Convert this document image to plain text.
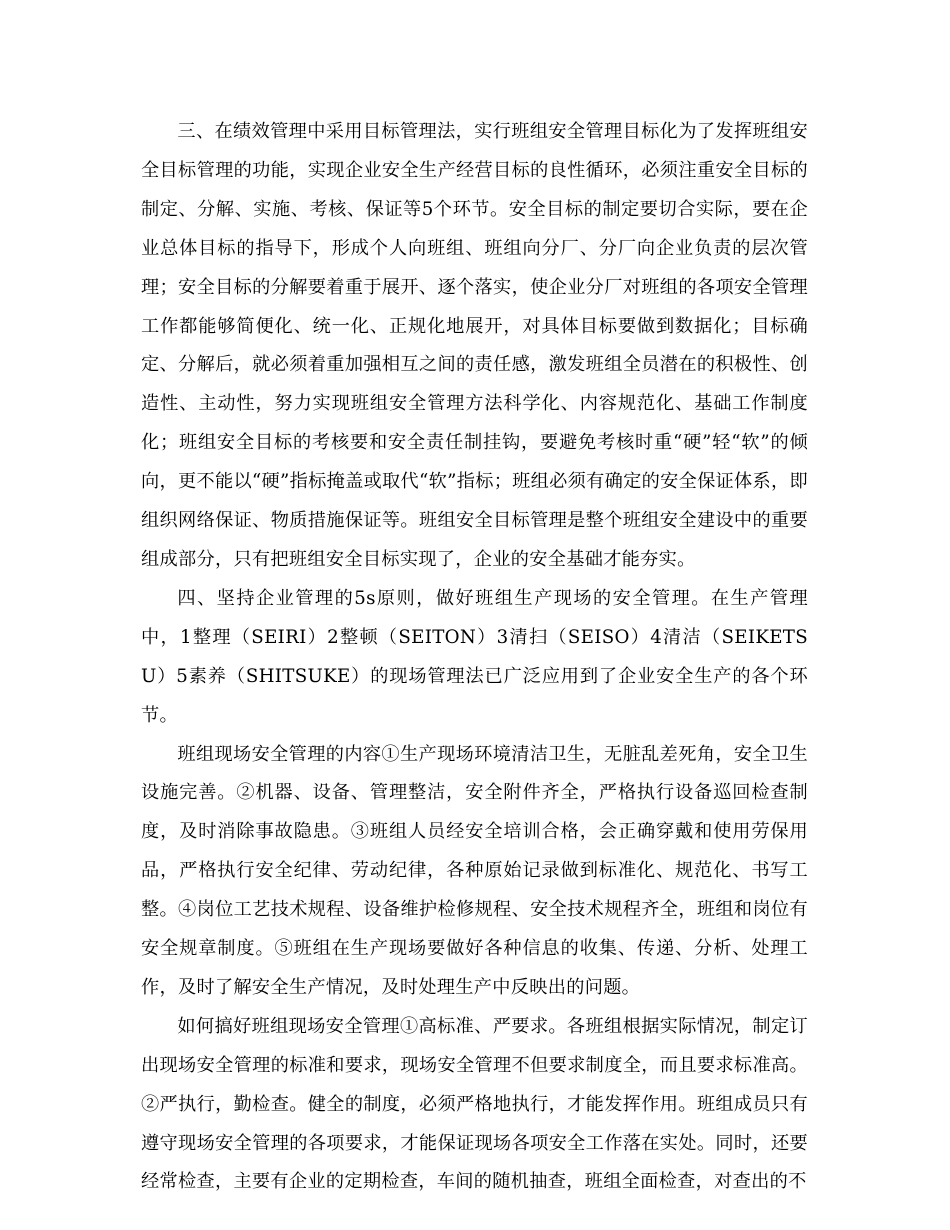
三、在绩效管理中采用目标管理法，实行班组安全管理目标化为了发挥班组安全目标管理的功能，实现企业安全生产经营目标的良性循环，必须注重安全目标的制定、分解、实施、考核、保证等5个环节。安全目标的制定要切合实际，要在企业总体目标的指导下，形成个人向班组、班组向分厂、分厂向企业负责的层次管理；安全目标的分解要着重于展开、逐个落实，使企业分厂对班组的各项安全管理工作都能够简便化、统一化、正规化地展开，对具体目标要做到数据化；目标确定、分解后，就必须着重加强相互之间的责任感，激发班组全员潜在的积极性、创造性、主动性，努力实现班组安全管理方法科学化、内容规范化、基础工作制度化；班组安全目标的考核要和安全责任制挂钩，要避免考核时重“硬”轻“软”的倾向，更不能以“硬”指标掩盖或取代“软”指标；班组必须有确定的安全保证体系，即组织网络保证、物质措施保证等。班组安全目标管理是整个班组安全建设中的重要组成部分，只有把班组安全目标实现了，企业的安全基础才能夯实。

四、坚持企业管理的5s原则，做好班组生产现场的安全管理。在生产管理中，1整理（SEIRI）2整顿（SEITON）3清扫（SEISO）4清洁（SEIKETSU）5素养（SHITSUKE）的现场管理法已广泛应用到了企业安全生产的各个环节。

班组现场安全管理的内容①生产现场环境清洁卫生，无脏乱差死角，安全卫生设施完善。②机器、设备、管理整洁，安全附件齐全，严格执行设备巡回检查制度，及时消除事故隐患。③班组人员经安全培训合格，会正确穿戴和使用劳保用品，严格执行安全纪律、劳动纪律，各种原始记录做到标准化、规范化、书写工整。④岗位工艺技术规程、设备维护检修规程、安全技术规程齐全，班组和岗位有安全规章制度。⑤班组在生产现场要做好各种信息的收集、传递、分析、处理工作，及时了解安全生产情况，及时处理生产中反映出的问题。

如何搞好班组现场安全管理①高标准、严要求。各班组根据实际情况，制定订出现场安全管理的标准和要求，现场安全管理不但要求制度全，而且要求标准高。②严执行，勤检查。健全的制度，必须严格地执行，才能发挥作用。班组成员只有遵守现场安全管理的各项要求，才能保证现场各项安全工作落在实处。同时，还要经常检查，主要有企业的定期检查，车间的随机抽查，班组全面检查，对查出的不
